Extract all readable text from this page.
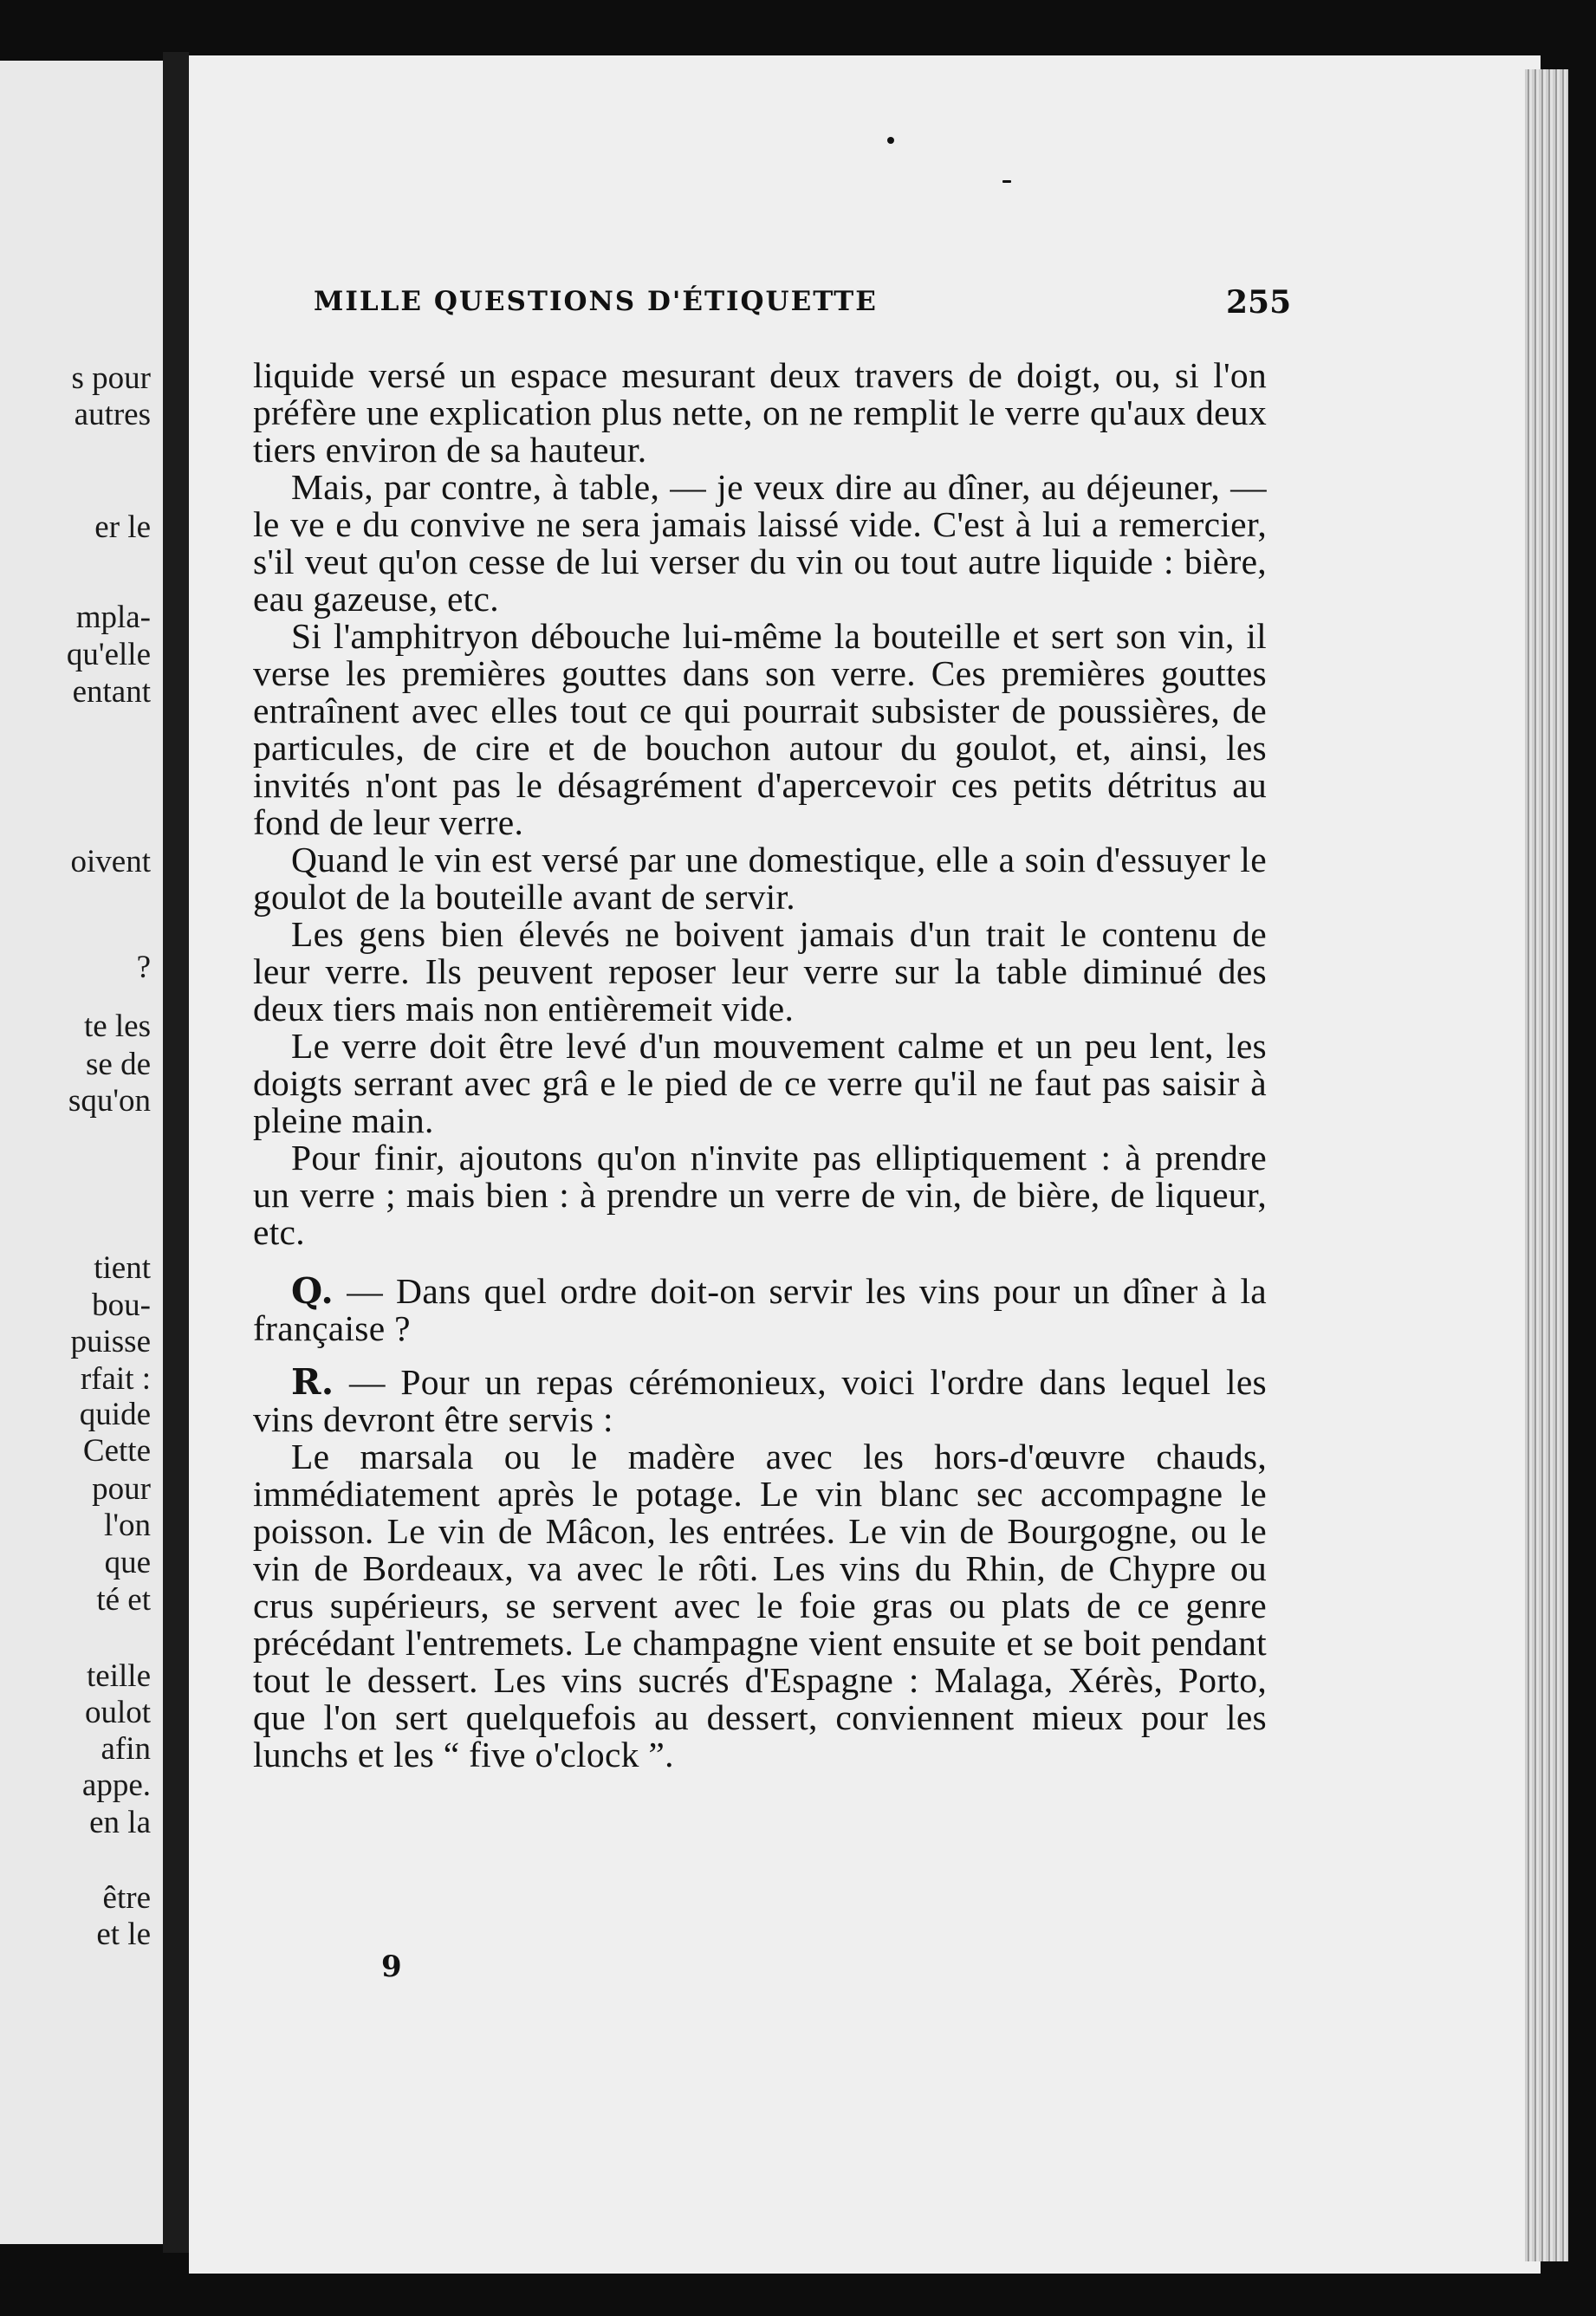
s pour
autres
er le
mpla-
qu'elle
entant
oivent
?
te les
se de
squ'on
tient
bou-
puisse
rfait :
quide
Cette
pour
l'on
que
té et
teille
oulot
afin
appe.
en la
être
et le
MILLE QUESTIONS D'ÉTIQUETTE	255

liquide versé un espace mesurant deux travers de doigt, ou, si l'on préfère une explication plus nette, on ne remplit le verre qu'aux deux tiers environ de sa hauteur.

Mais, par contre, à table, — je veux dire au dîner, au déjeuner, — le ve e du convive ne sera jamais laissé vide. C'est à lui a remercier, s'il veut qu'on cesse de lui verser du vin ou tout autre liquide : bière, eau gazeuse, etc.

Si l'amphitryon débouche lui-même la bouteille et sert son vin, il verse les premières gouttes dans son verre. Ces premières gouttes entraînent avec elles tout ce qui pourrait subsister de poussières, de particules, de cire et de bouchon autour du goulot, et, ainsi, les invités n'ont pas le désagrément d'apercevoir ces petits détritus au fond de leur verre.

Quand le vin est versé par une domestique, elle a soin d'essuyer le goulot de la bouteille avant de servir.

Les gens bien élevés ne boivent jamais d'un trait le contenu de leur verre. Ils peuvent reposer leur verre sur la table diminué des deux tiers mais non entièremeit vide.

Le verre doit être levé d'un mouvement calme et un peu lent, les doigts serrant avec grâ e le pied de ce verre qu'il ne faut pas saisir à pleine main.

Pour finir, ajoutons qu'on n'invite pas elliptiquement : à prendre un verre ; mais bien : à prendre un verre de vin, de bière, de liqueur, etc.

Q. — Dans quel ordre doit-on servir les vins pour un dîner à la française ?

R. — Pour un repas cérémonieux, voici l'ordre dans lequel les vins devront être servis :

Le marsala ou le madère avec les hors-d'œuvre chauds, immédiatement après le potage. Le vin blanc sec accompagne le poisson. Le vin de Mâcon, les entrées. Le vin de Bourgogne, ou le vin de Bordeaux, va avec le rôti. Les vins du Rhin, de Chypre ou crus supérieurs, se servent avec le foie gras ou plats de ce genre précédant l'entremets. Le champagne vient ensuite et se boit pendant tout le dessert. Les vins sucrés d'Espagne : Malaga, Xérès, Porto, que l'on sert quelquefois au dessert, conviennent mieux pour les lunchs et les “ five o'clock ”.

9
